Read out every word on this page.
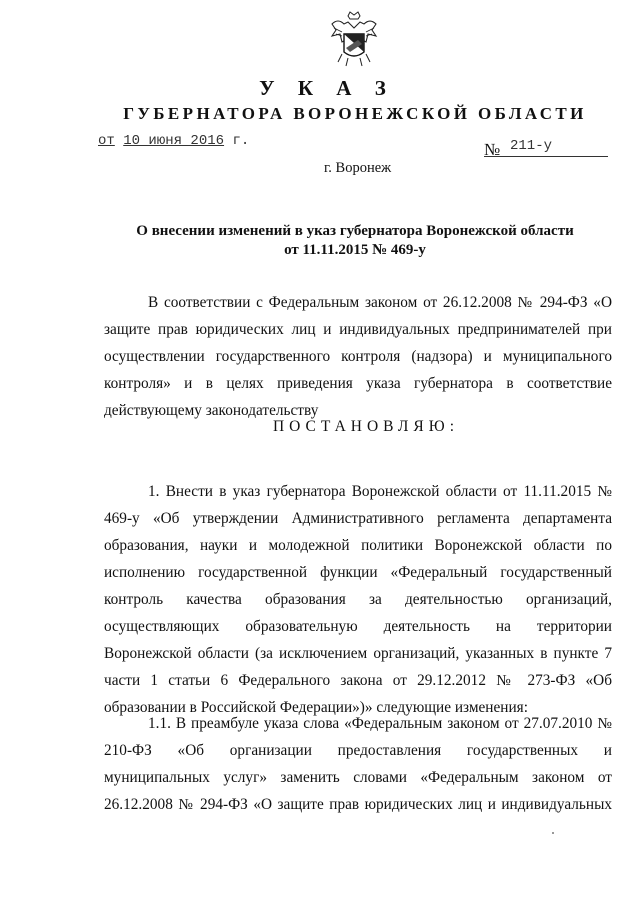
У К А З
ГУБЕРНАТОРА ВОРОНЕЖСКОЙ ОБЛАСТИ
от 10 июня 2016 г.	№ 211-у
г. Воронеж
О внесении изменений в указ губернатора Воронежской области
от 11.11.2015 № 469-у
В соответствии с Федеральным законом от 26.12.2008 № 294-ФЗ «О
защите прав юридических лиц и индивидуальных предпринимателей при
осуществлении государственного контроля (надзора) и муниципального
контроля» и в целях приведения указа губернатора в соответствие
действующему законодательству
ПОСТАНОВЛЯЮ:
1. Внести в указ губернатора Воронежской области от 11.11.2015 №
469-у «Об утверждении Административного регламента департамента
образования, науки и молодежной политики Воронежской области по
исполнению государственной функции «Федеральный государственный
контроль качества образования за деятельностью организаций,
осуществляющих образовательную деятельность на территории
Воронежской области (за исключением организаций, указанных в пункте 7
части 1 статьи 6 Федерального закона от 29.12.2012 № 273-ФЗ «Об
образовании в Российской Федерации»)» следующие изменения:
1.1. В преамбуле указа слова «Федеральным законом от 27.07.2010 №
210-ФЗ «Об организации предоставления государственных и
муниципальных услуг» заменить словами «Федеральным законом от
26.12.2008 № 294-ФЗ «О защите прав юридических лиц и индивидуальных
